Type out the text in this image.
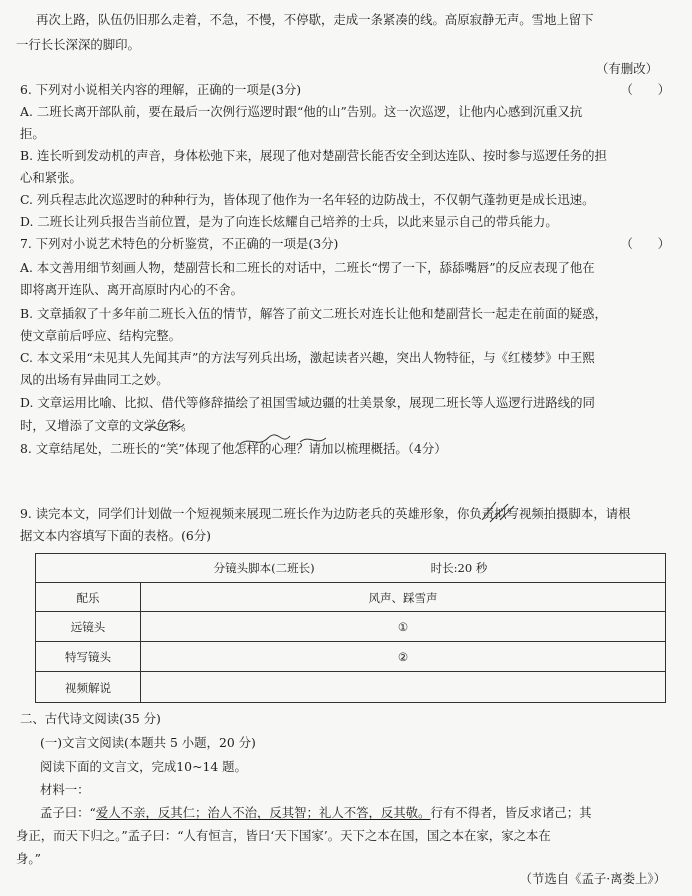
再次上路，队伍仍旧那么走着，不急，不慢，不停歇，走成一条紧凑的线。高原寂静无声。雪地上留下
一行长长深深的脚印。
（有删改）
6. 下列对小说相关内容的理解，正确的一项是(3分)	（　　）
A. 二班长离开部队前，要在最后一次例行巡逻时跟“他的山”告别。这一次巡逻，让他内心感到沉重又抗
拒。
B. 连长听到发动机的声音，身体松弛下来，展现了他对楚副营长能否安全到达连队、按时参与巡逻任务的担
心和紧张。
C. 列兵程志此次巡逻时的种种行为，皆体现了他作为一名年轻的边防战士，不仅朝气蓬勃更是成长迅速。
D. 二班长让列兵报告当前位置，是为了向连长炫耀自己培养的士兵，以此来显示自己的带兵能力。
7. 下列对小说艺术特色的分析鉴赏，不正确的一项是(3分)	（　　）
A. 本文善用细节刻画人物，楚副营长和二班长的对话中，二班长“愣了一下，舔舔嘴唇”的反应表现了他在
即将离开连队、离开高原时内心的不舍。
B. 文章插叙了十多年前二班长入伍的情节，解答了前文二班长对连长让他和楚副营长一起走在前面的疑惑，
使文章前后呼应、结构完整。
C. 本文采用“未见其人先闻其声”的方法写列兵出场，激起读者兴趣，突出人物特征，与《红楼梦》中王熙
凤的出场有异曲同工之妙。
D. 文章运用比喻、比拟、借代等修辞描绘了祖国雪域边疆的壮美景象，展现二班长等人巡逻行进路线的同
时，又增添了文章的文学色彩。
8. 文章结尾处，二班长的“笑”体现了他怎样的心理？请加以梳理概括。（4分）
9. 读完本文，同学们计划做一个短视频来展现二班长作为边防老兵的英雄形象，你负责拟写视频拍摄脚本，请根
据文本内容填写下面的表格。(6分)
分镜头脚本(二班长)	时长:20 秒
配乐	风声、踩雪声
远镜头	①
特写镜头	②
视频解说
二、古代诗文阅读(35 分)
(一)文言文阅读(本题共 5 小题，20 分)
阅读下面的文言文，完成10~14 题。
材料一：
孟子曰：“爱人不亲，反其仁；治人不治，反其智；礼人不答，反其敬。行有不得者，皆反求诸己；其
身正，而天下归之。”孟子曰：“人有恒言，皆曰‘天下国家’。天下之本在国，国之本在家，家之本在
身。”
（节选自《孟子·离娄上》）
